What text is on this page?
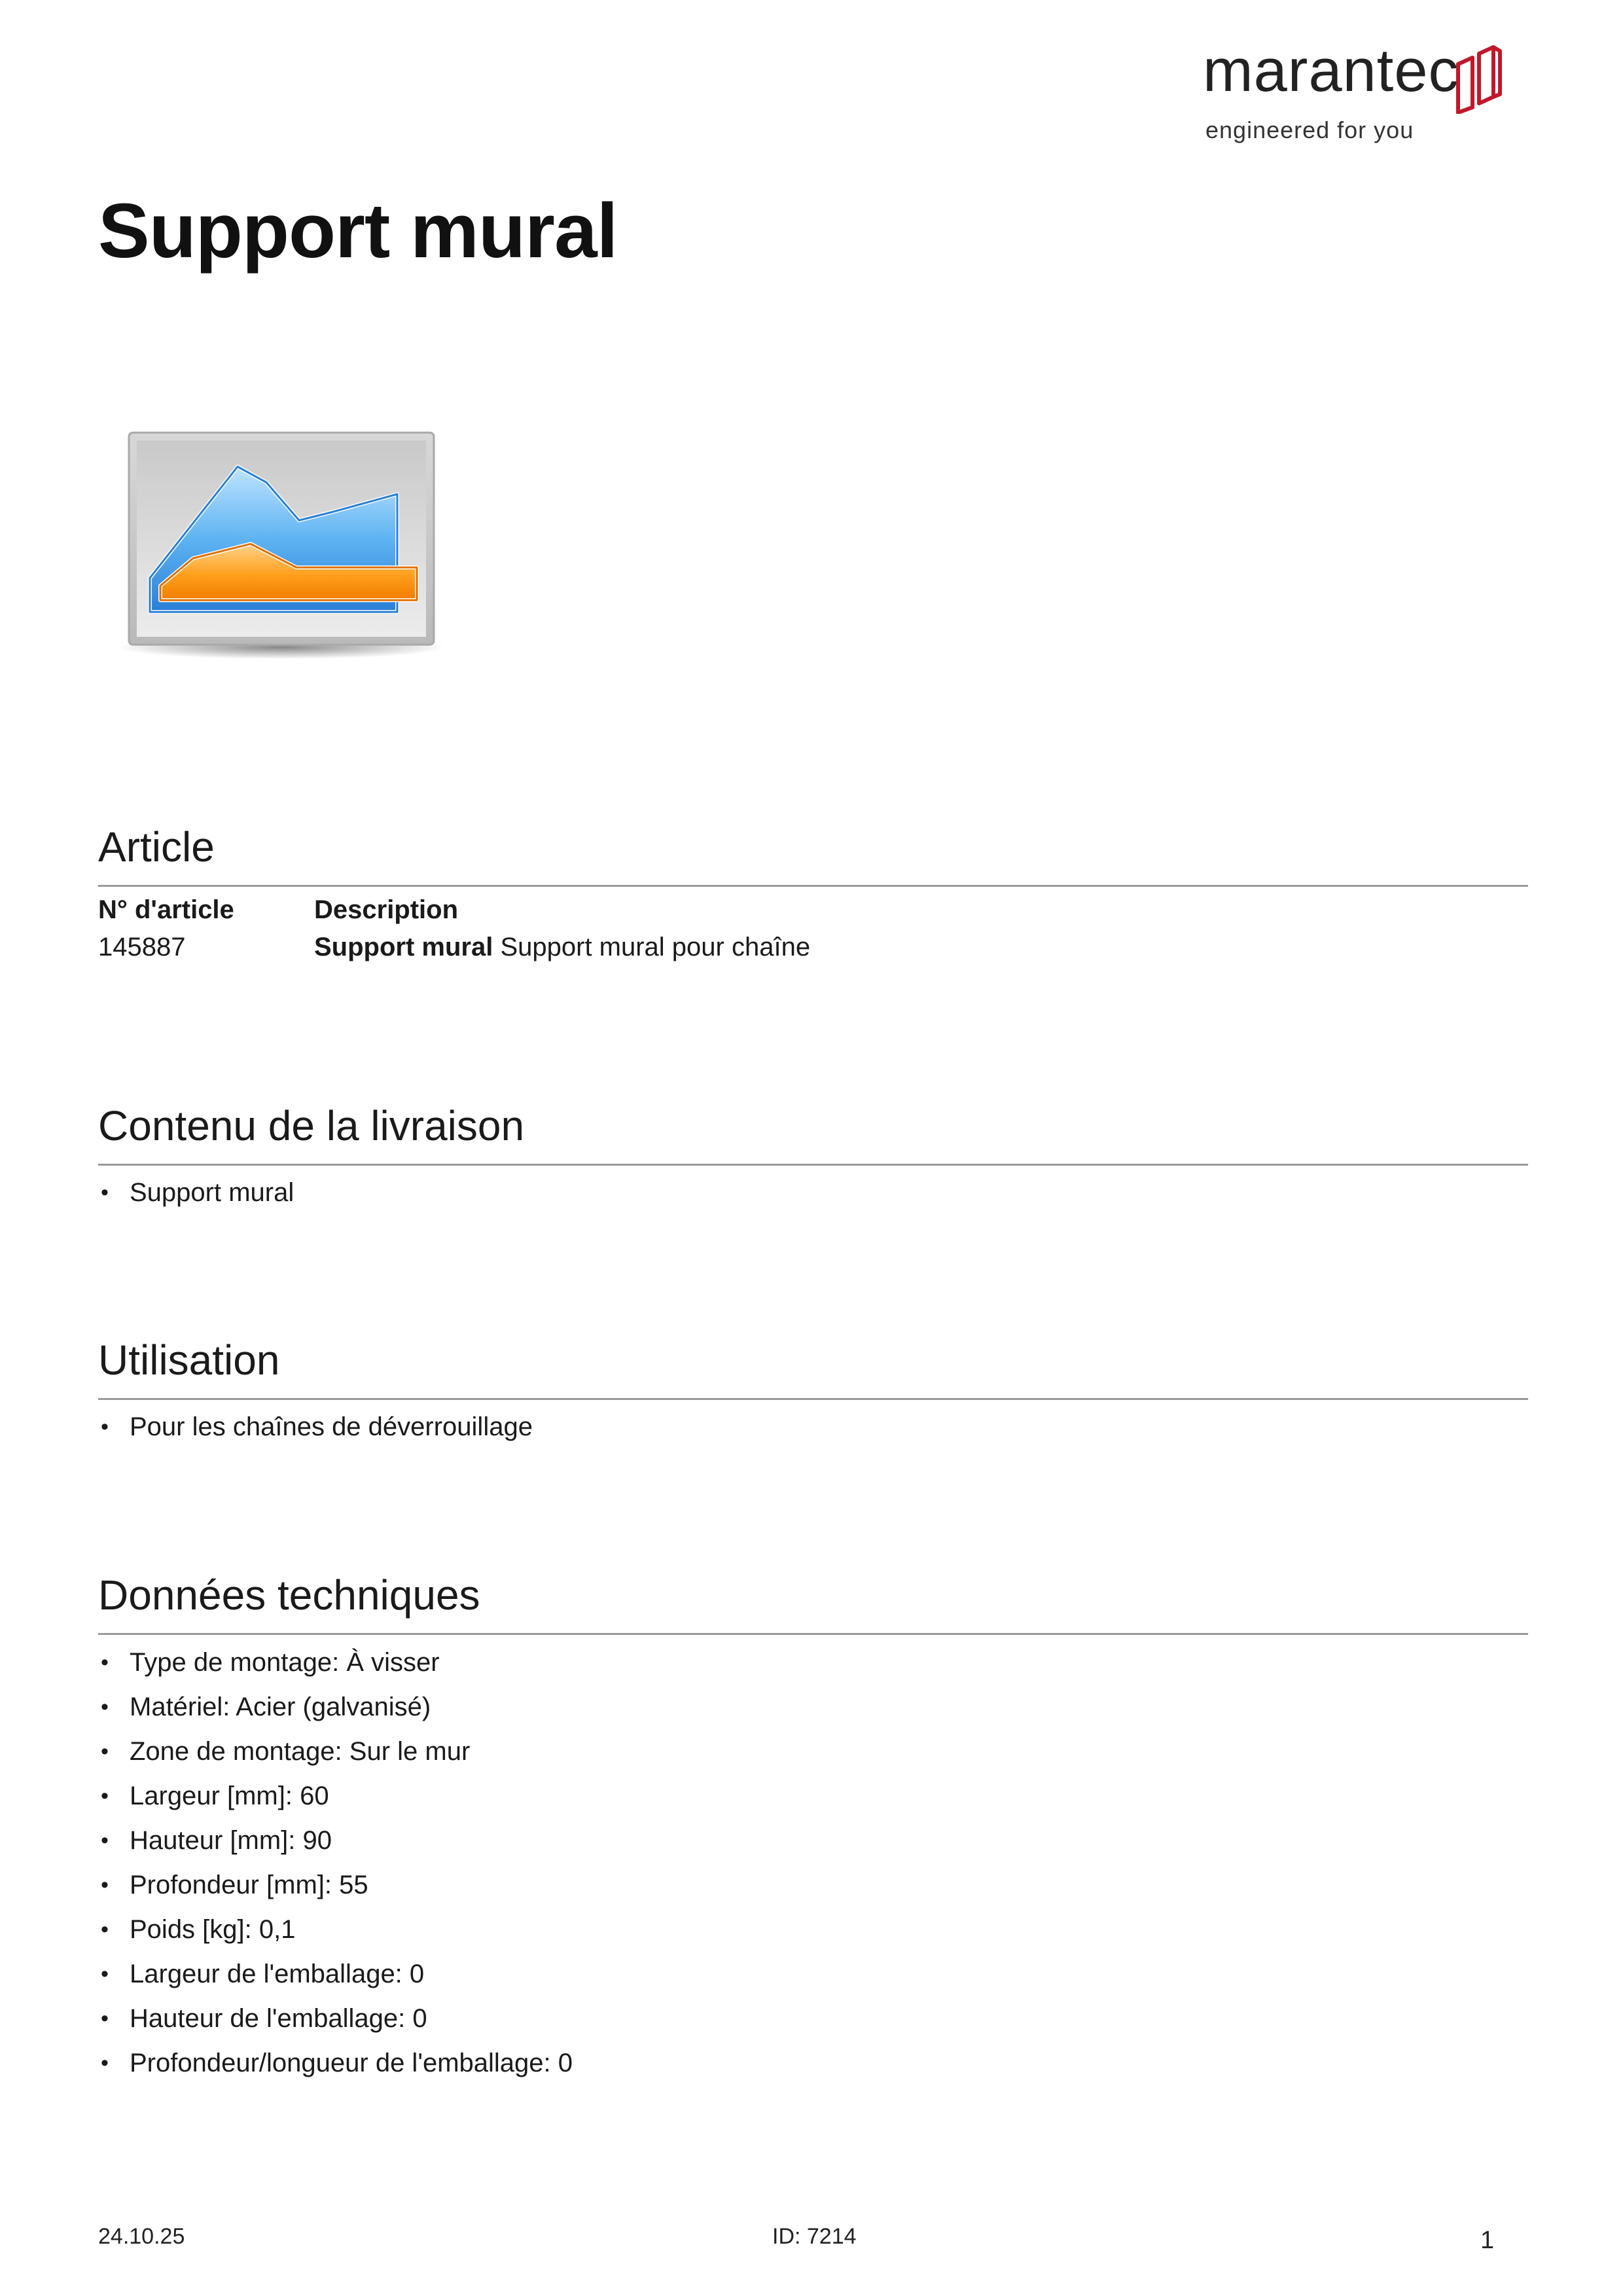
marantec
engineered for you
Support mural
Article
N° d'article
145887
Description
Support mural Support mural pour chaîne
Contenu de la livraison
• Support mural
Utilisation
• Pour les chaînes de déverrouillage
Données techniques
• Type de montage: À visser
• Matériel: Acier (galvanisé)
• Zone de montage: Sur le mur
• Largeur [mm]: 60
• Hauteur [mm]: 90
• Profondeur [mm]: 55
• Poids [kg]: 0,1
• Largeur de l'emballage: 0
• Hauteur de l'emballage: 0
• Profondeur/longueur de l'emballage: 0
24.10.25	ID: 7214	1
